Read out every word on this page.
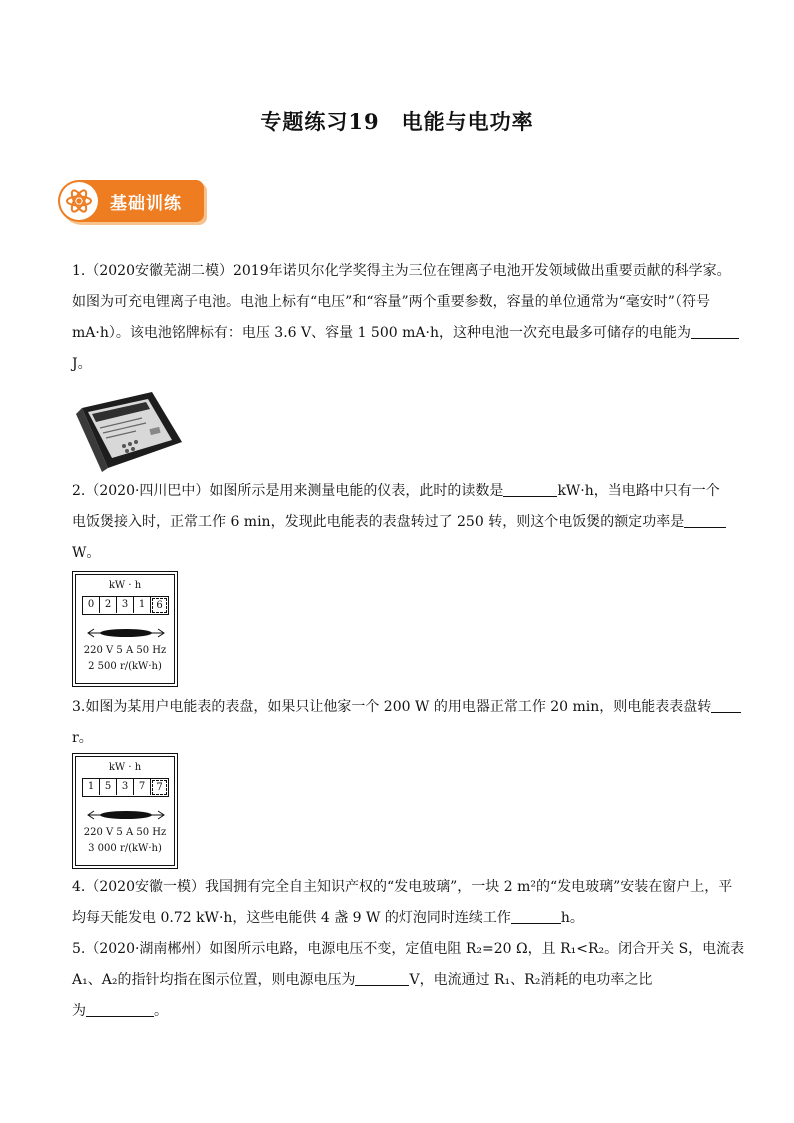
专题练习19　电能与电功率
基础训练
1.（2020安徽芜湖二模）2019年诺贝尔化学奖得主为三位在锂离子电池开发领域做出重要贡献的科学家。
如图为可充电锂离子电池。电池上标有“电压”和“容量”两个重要参数，容量的单位通常为“毫安时”（符号
mA·h）。该电池铭牌标有：电压 3.6 V、容量 1 500 mA·h，这种电池一次充电最多可储存的电能为
J。
2.（2020·四川巴中）如图所示是用来测量电能的仪表，此时的读数是	kW·h，当电路中只有一个
电饭煲接入时，正常工作 6 min，发现此电能表的表盘转过了 250 转，则这个电饭煲的额定功率是
W。
kW · h
0	2	3	1	6
220 V 5 A 50 Hz
2 500 r/(kW·h)
3.如图为某用户电能表的表盘，如果只让他家一个 200 W 的用电器正常工作 20 min，则电能表表盘转
r。
kW · h
1	5	3	7	7
220 V 5 A 50 Hz
3 000 r/(kW·h)
4.（2020安徽一模）我国拥有完全自主知识产权的“发电玻璃”，一块 2 m²的“发电玻璃”安装在窗户上，平
均每天能发电 0.72 kW·h，这些电能供 4 盏 9 W 的灯泡同时连续工作	h。
5.（2020·湖南郴州）如图所示电路，电源电压不变，定值电阻 R₂=20 Ω，且 R₁<R₂。闭合开关 S，电流表
A₁、A₂的指针均指在图示位置，则电源电压为	V，电流通过 R₁、R₂消耗的电功率之比
为	。
